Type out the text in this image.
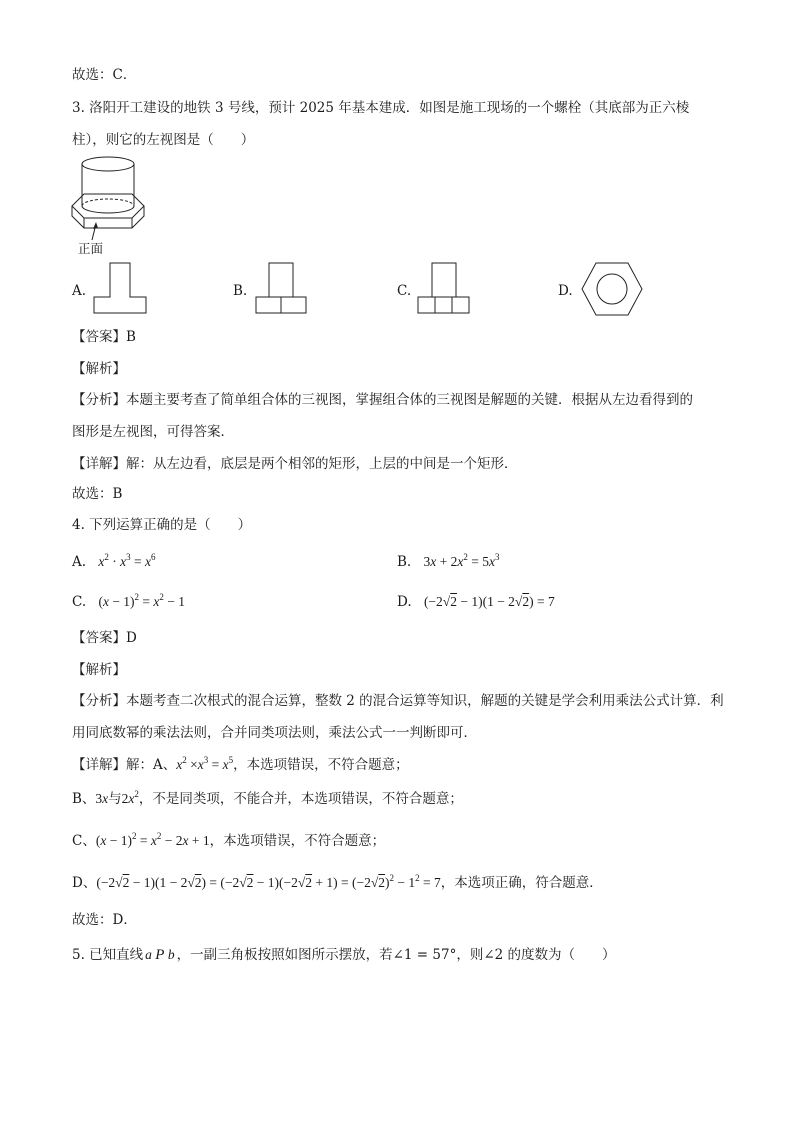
故选：C．
3. 洛阳开工建设的地铁 3 号线，预计 2025 年基本建成．如图是施工现场的一个螺栓（其底部为正六棱
柱），则它的左视图是（　　）
正面
A.	B.	C.	D.
【答案】B
【解析】
【分析】本题主要考查了简单组合体的三视图，掌握组合体的三视图是解题的关键．根据从左边看得到的
图形是左视图，可得答案．
【详解】解：从左边看，底层是两个相邻的矩形，上层的中间是一个矩形．
故选：B
4. 下列运算正确的是（　　）
A. $x^2 \cdot x^3 = x^6$	B. $3x + 2x^2 = 5x^3$
C. $(x - 1)^2 = x^2 - 1$	D. (−2√2 − 1)(1 − 2√2) = 7
【答案】D
【解析】
【分析】本题考查二次根式的混合运算，整数 2 的混合运算等知识，解题的关键是学会利用乘法公式计算．利
用同底数幂的乘法法则，合并同类项法则，乘法公式一一判断即可．
【详解】解：A、$x^2 \times x^3 = x^5$，本选项错误，不符合题意；
B、3x与$2x^2$，不是同类项，不能合并，本选项错误，不符合题意；
C、$(x - 1)^2 = x^2 - 2x + 1$，本选项错误，不符合题意；
D、$(-2√2 - 1)(1 - 2√2) = (-2√2 - 1)(-2√2 + 1) = (-2√2)^2 - 1^2 = 7$，本选项正确，符合题意．
故选：D．
5. 已知直线 a P b ，一副三角板按照如图所示摆放，若∠1 = 57°，则∠2 的度数为（　　）
